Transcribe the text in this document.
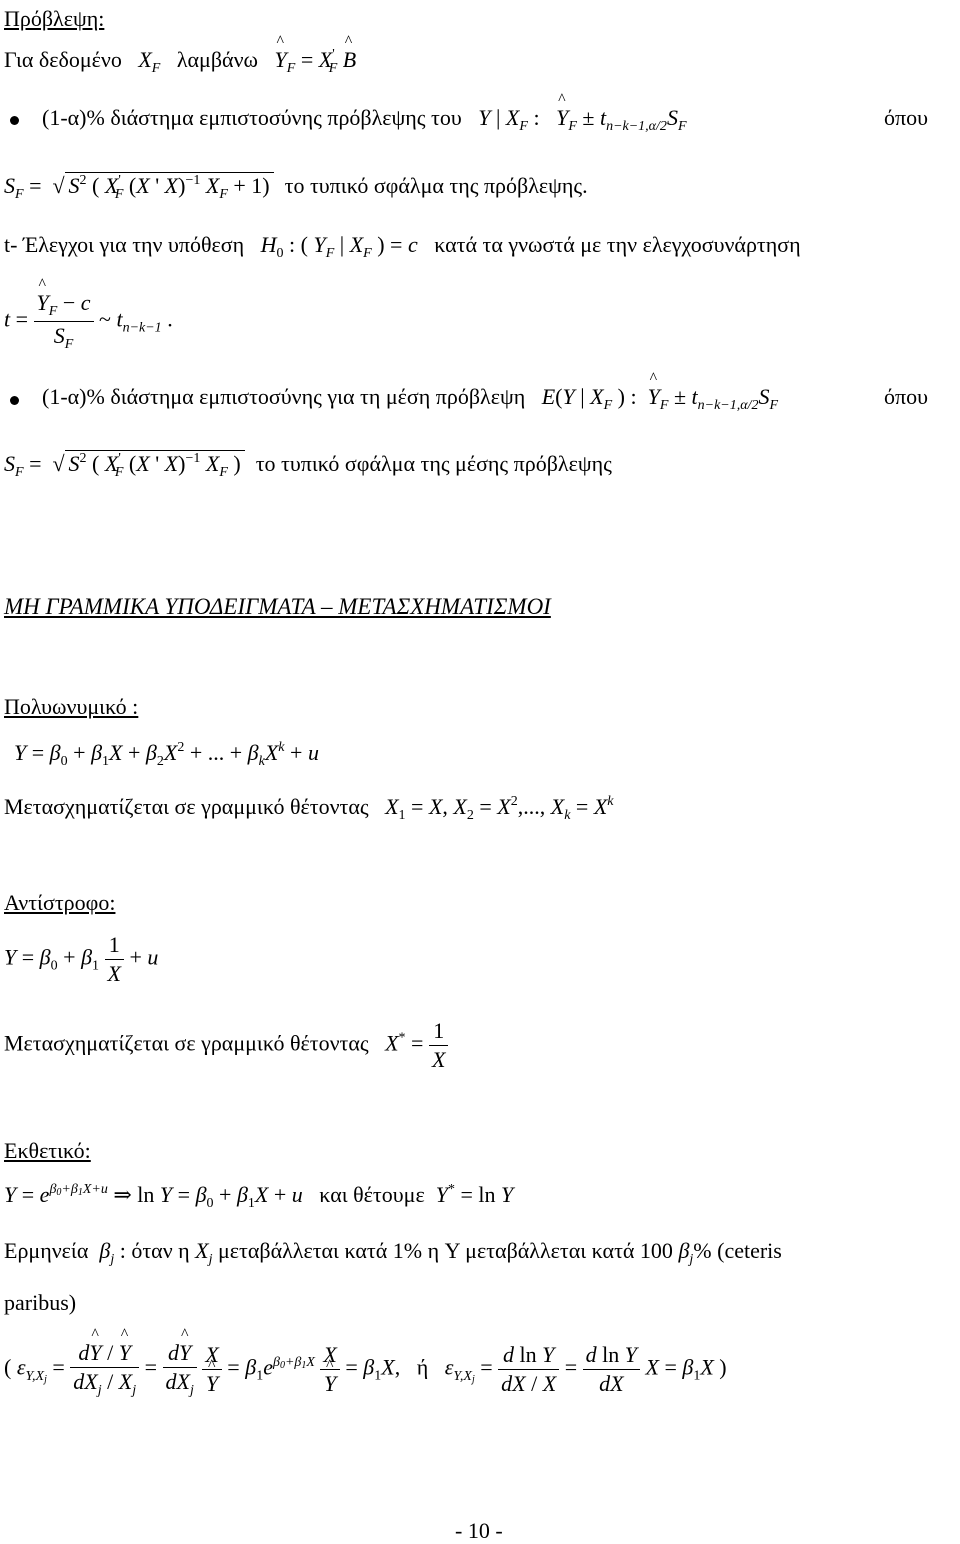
Πρόβλεψη:
Για δεδομένο   $X_F$ λαμβάνω ^ $Y_F = X'_F$ ^ B
(1-α)% διάστημα εμπιστοσύνης πρόβλεψης του Y | $X_F$ :   ^ $Y_F \pm t_{n-k-1,\alpha/2}S_F$	όπου
$S_F$ =  √ $S^2$ ( $X'_F$ (X ' X)$^{-1}$ $X_F + 1$) το τυπικό σφάλμα της πρόβλεψης.
t- Έλεγχοι για την υπόθεση $H_0$ : ( $Y_F$ | $X_F$ ) = c κατά τα γνωστά με την ελεγχοσυνάρτηση
t = ^ $\frac{Y_F - c}{S_F}$ ~ $t_{n-k-1}$ .
(1-α)% διάστημα εμπιστοσύνης για τη μέση πρόβλεψη E(Y | $X_F$ ) :  ^ $Y_F \pm t_{n-k-1,\alpha/2}S_F$	όπου
$S_F$ =  √ $S^2$ ( $X'_F$ (X ' X)$^{-1}$ $X_F$ ) το τυπικό σφάλμα της μέσης πρόβλεψης
ΜΗ ΓΡΑΜΜΙΚΑ ΥΠΟΔΕΙΓΜΑΤΑ – ΜΕΤΑΣΧΗΜΑΤΙΣΜΟΙ
Πολυωνυμικό :
$Y = \beta_0 + \beta_1X + \beta_2X^2$ + ... + $\beta_kX^k + u$
Μετασχηματίζεται σε γραμμικό θέτοντας $X_1 = X$, $X_2 = X^2$,..., $X_k = X^k$
Αντίστροφο:
$Y = \beta_0 + \beta_1 \frac{1}{X} + u$
Μετασχηματίζεται σε γραμμικό θέτοντας $X^* = \frac{1}{X}$
Εκθετικό:
$Y = e^{\beta_0+\beta_1X+u}$ ⇒ $\ln Y = \beta_0 + \beta_1X + u$ και θέτουμε Y* = ln Y
Ερμηνεία $\beta_j$ : όταν η $X_j$ μεταβάλλεται κατά 1% η Y μεταβάλλεται κατά 100 $\beta_j\%$ (ceteris
paribus)
( $\varepsilon_{Y,X_j} = \frac{d\^{} Y / \^{} Y}{dX_j / X_j} = \frac{d\^{} Y}{dX_j}$
X
^ $Y = \beta_1e^{\beta_0+\beta_1X}$ X
^ $Y = \beta_1X$,   ή $\varepsilon_{Y,X_j} = \frac{\text{d ln Y}}{dX / X} = \frac{\text{d ln Y}}{dX}$ $X = \beta_1X$ )
- 10 -
